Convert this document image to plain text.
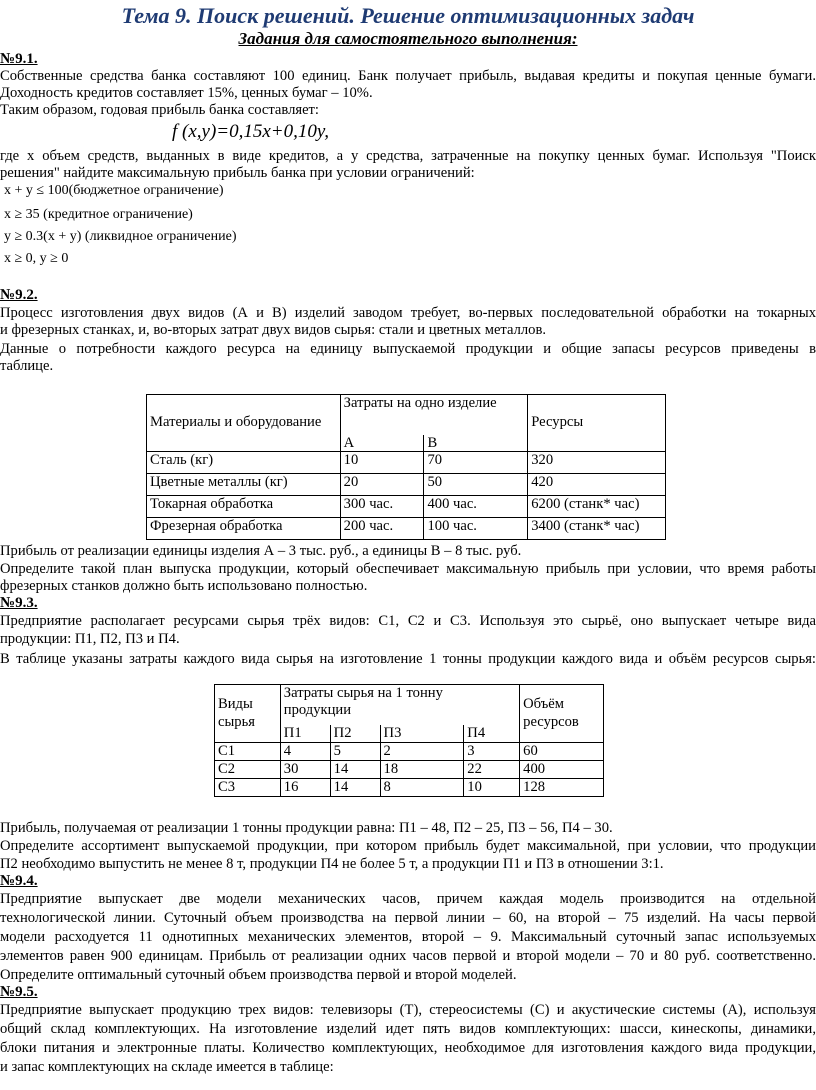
Тема 9. Поиск решений. Решение оптимизационных задач
Задания для самостоятельного выполнения:
№9.1.
Собственные средства банка составляют 100 единиц. Банк получает прибыль, выдавая кредиты и покупая ценные бумаги.
Доходность кредитов составляет 15%, ценных бумаг – 10%.
Таким образом, годовая прибыль банка составляет:
f (x,y)=0,15x+0,10y,
где x объем средств, выданных в виде кредитов, а y средства, затраченные на покупку ценных бумаг. Используя "Поиск
решения" найдите максимальную прибыль банка при условии ограничений:
x + y ≤ 100(бюджетное ограничение)
x ≥ 35 (кредитное ограничение)
y ≥ 0.3(x + y) (ликвидное ограничение)
x ≥ 0, y ≥ 0
№9.2.
Процесс изготовления двух видов (А и В) изделий заводом требует, во-первых последовательной обработки на токарных
и фрезерных станках, и, во-вторых затрат двух видов сырья: стали и цветных металлов.
Данные о потребности каждого ресурса на единицу выпускаемой продукции и общие запасы ресурсов приведены в
таблице.
Материалы и оборудование	Затраты на одно изделие		Ресурсы
	А	В	
Сталь (кг)	10	70	320
Цветные металлы (кг)	20	50	420
Токарная обработка	300 час.	400 час.	6200 (станк* час)
Фрезерная обработка	200 час.	100 час.	3400 (станк* час)
Прибыль от реализации единицы изделия А – 3 тыс. руб., а единицы В – 8 тыс. руб.
Определите такой план выпуска продукции, который обеспечивает максимальную прибыль при условии, что время работы
фрезерных станков должно быть использовано полностью.
№9.3.
Предприятие располагает ресурсами сырья трёх видов: С1, С2 и С3. Используя это сырьё, оно выпускает четыре вида
продукции: П1, П2, П3 и П4.
В таблице указаны затраты каждого вида сырья на изготовление 1 тонны продукции каждого вида и объём ресурсов сырья:
Виды
сырья	Затраты сырья на 1 тонну
продукции				Объём
ресурсов
	П1	П2	П3	П4	
С1	4	5	2	3	60
С2	30	14	18	22	400
С3	16	14	8	10	128
Прибыль, получаемая от реализации 1 тонны продукции равна: П1 – 48, П2 – 25, П3 – 56, П4 – 30.
Определите ассортимент выпускаемой продукции, при котором прибыль будет максимальной, при условии, что продукции
П2 необходимо выпустить не менее 8 т, продукции П4 не более 5 т, а продукции П1 и П3 в отношении 3:1.
№9.4.
Предприятие выпускает две модели механических часов, причем каждая модель производится на отдельной
технологической линии. Суточный объем производства на первой линии – 60, на второй – 75 изделий. На часы первой
модели расходуется 11 однотипных механических элементов, второй – 9. Максимальный суточный запас используемых
элементов равен 900 единицам. Прибыль от реализации одних часов первой и второй модели – 70 и 80 руб. соответственно.
Определите оптимальный суточный объем производства первой и второй моделей.
№9.5.
Предприятие выпускает продукцию трех видов: телевизоры (Т), стереосистемы (С) и акустические системы (А), используя
общий склад комплектующих. На изготовление изделий идет пять видов комплектующих: шасси, кинескопы, динамики,
блоки питания и электронные платы. Количество комплектующих, необходимое для изготовления каждого вида продукции,
и запас комплектующих на складе имеется в таблице:
